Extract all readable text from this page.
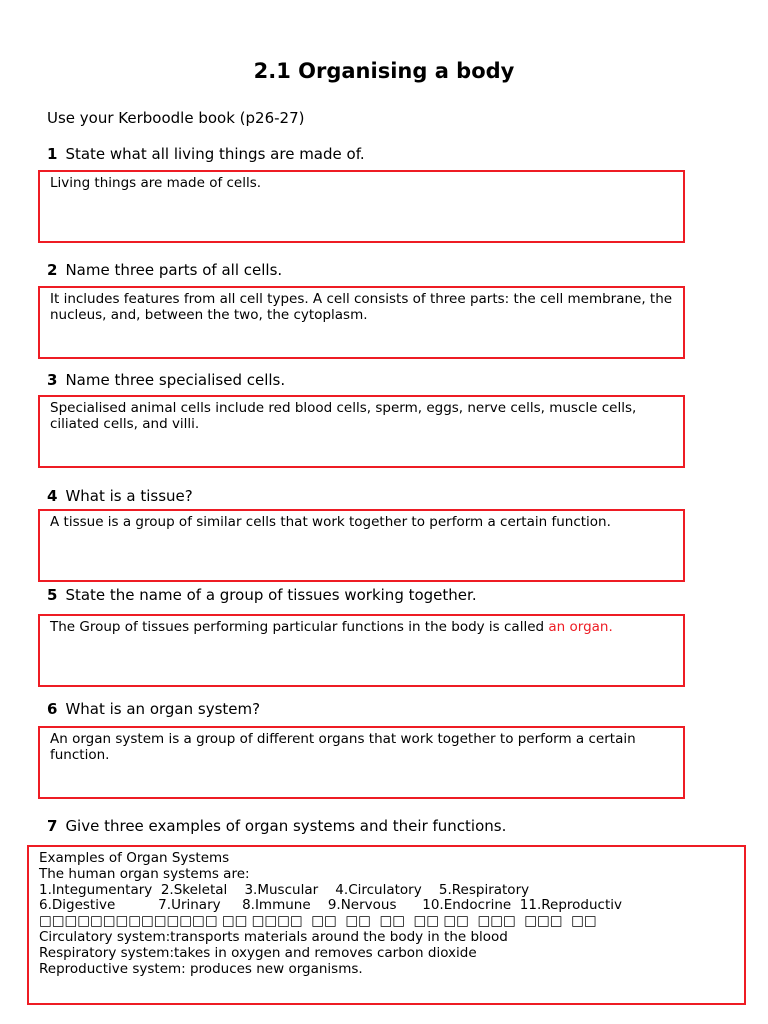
2.1 Organising a body
Use your Kerboodle book (p26-27)
1 State what all living things are made of.
Living things are made of cells.
2 Name three parts of all cells.
It includes features from all cell types. A cell consists of three parts: the cell membrane, the nucleus, and, between the two, the cytoplasm.
3 Name three specialised cells.
Specialised animal cells include red blood cells, sperm, eggs, nerve cells, muscle cells, ciliated cells, and villi.
4 What is a tissue?
A tissue is a group of similar cells that work together to perform a certain function.
5 State the name of a group of tissues working together.
The Group of tissues performing particular functions in the body is called an organ.
6 What is an organ system?
An organ system is a group of different organs that work together to perform a certain function.
7 Give three examples of organ systems and their functions.
Examples of Organ Systems
The human organ systems are:
1.Integumentary  2.Skeletal    3.Muscular    4.Circulatory    5.Respiratory
6.Digestive          7.Urinary     8.Immune    9.Nervous      10.Endocrine  11.Reproductiv
□□□□□□□□□□□□□□ □□ □□□□  □□  □□  □□  □□ □□  □□□  □□□  □□
Circulatory system:transports materials around the body in the blood
Respiratory system:takes in oxygen and removes carbon dioxide
Reproductive system: produces new organisms.
